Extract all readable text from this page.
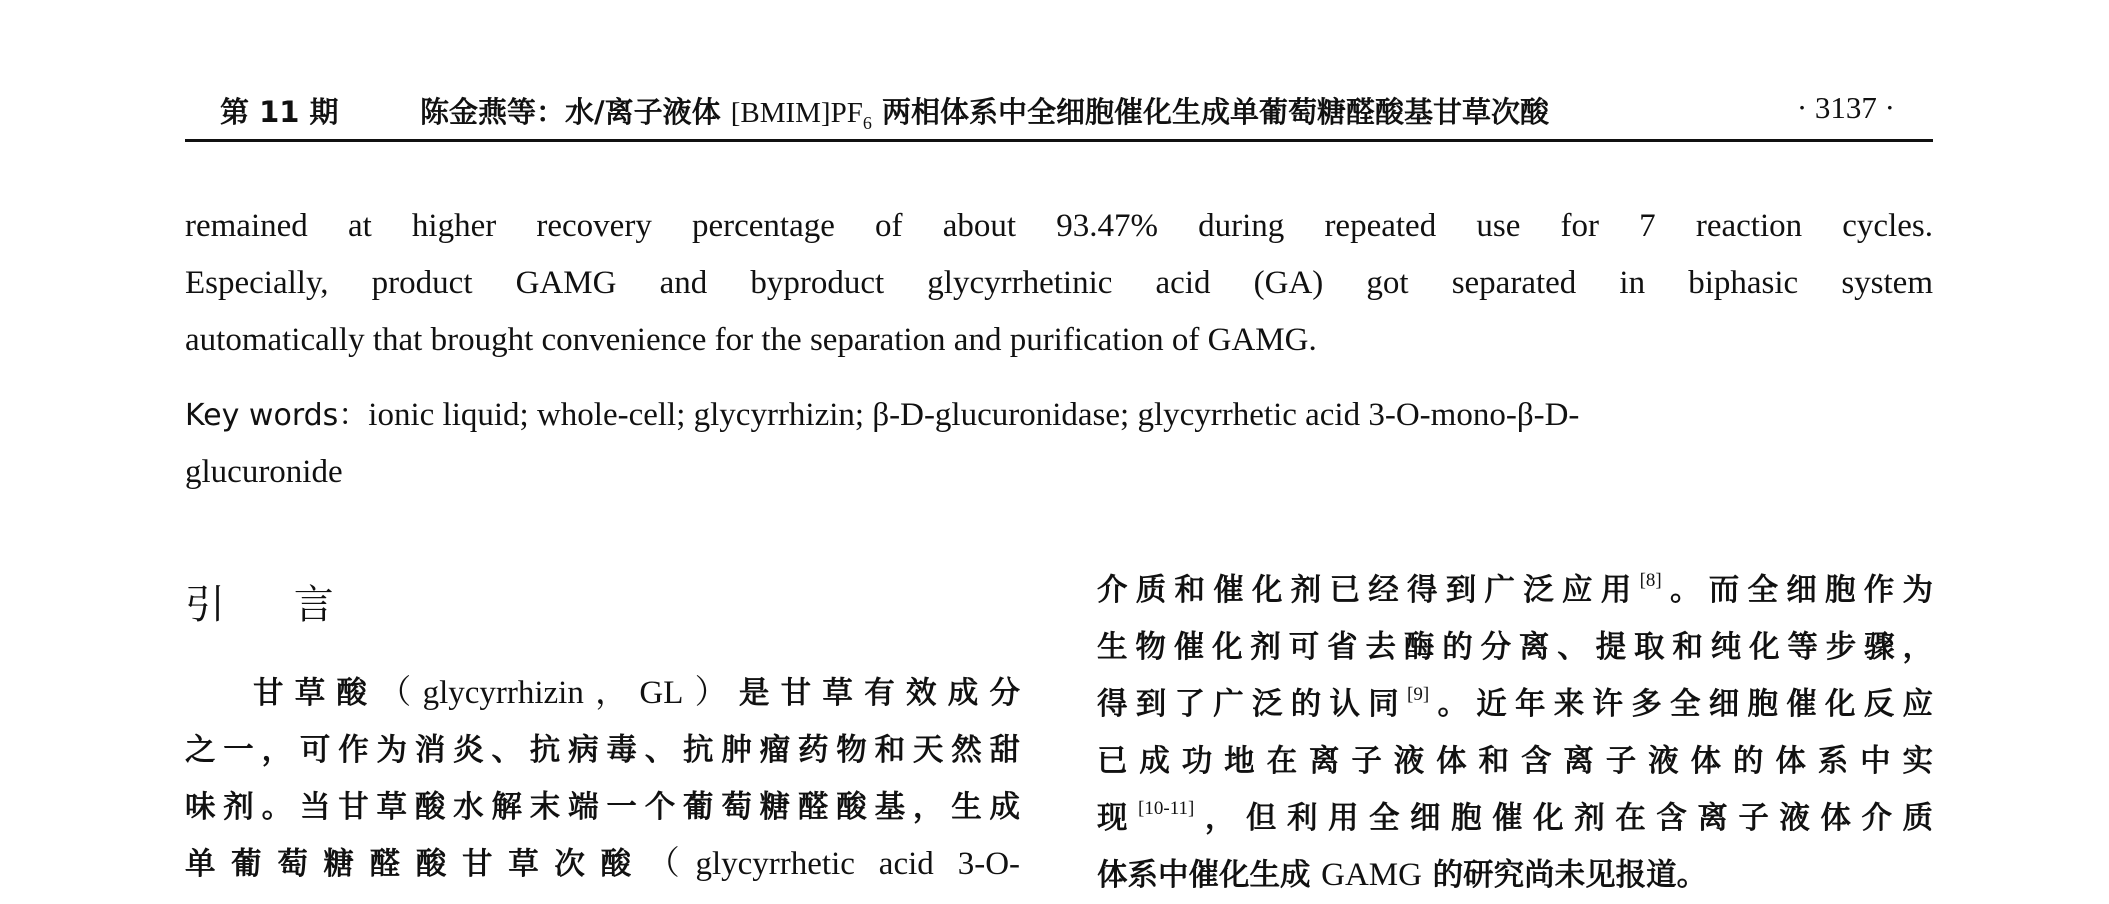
第 11 期	陈金燕等：水/离子液体 $[BMIM]PF_6$ 两相体系中全细胞催化生成单葡萄糖醛酸基甘草次酸	· 3137 ·
remained at higher recovery percentage of about 93.47% during repeated use for 7 reaction cycles.
Especially, product GAMG and byproduct glycyrrhetinic acid (GA) got separated in biphasic system
automatically that brought convenience for the separation and purification of GAMG.
Key words：ionic liquid; whole-cell; glycyrrhizin; β-D-glucuronidase; glycyrrhetic acid 3-O-mono-β-D-
glucuronide
引 言
甘草酸（glycyrrhizin，GL）是甘草有效成分
之一，可作为消炎、抗病毒、抗肿瘤药物和天然甜
味剂。当甘草酸水解末端一个葡萄糖醛酸基，生成
单葡萄糖醛酸甘草次酸（glycyrrhetic acid 3-O-
介质和催化剂已经得到广泛应用[8]。而全细胞作为
生物催化剂可省去酶的分离、提取和纯化等步骤，
得到了广泛的认同[9]。近年来许多全细胞催化反应
已成功地在离子液体和含离子液体的体系中实
现[10-11]，但利用全细胞催化剂在含离子液体介质
体系中催化生成 GAMG 的研究尚未见报道。
